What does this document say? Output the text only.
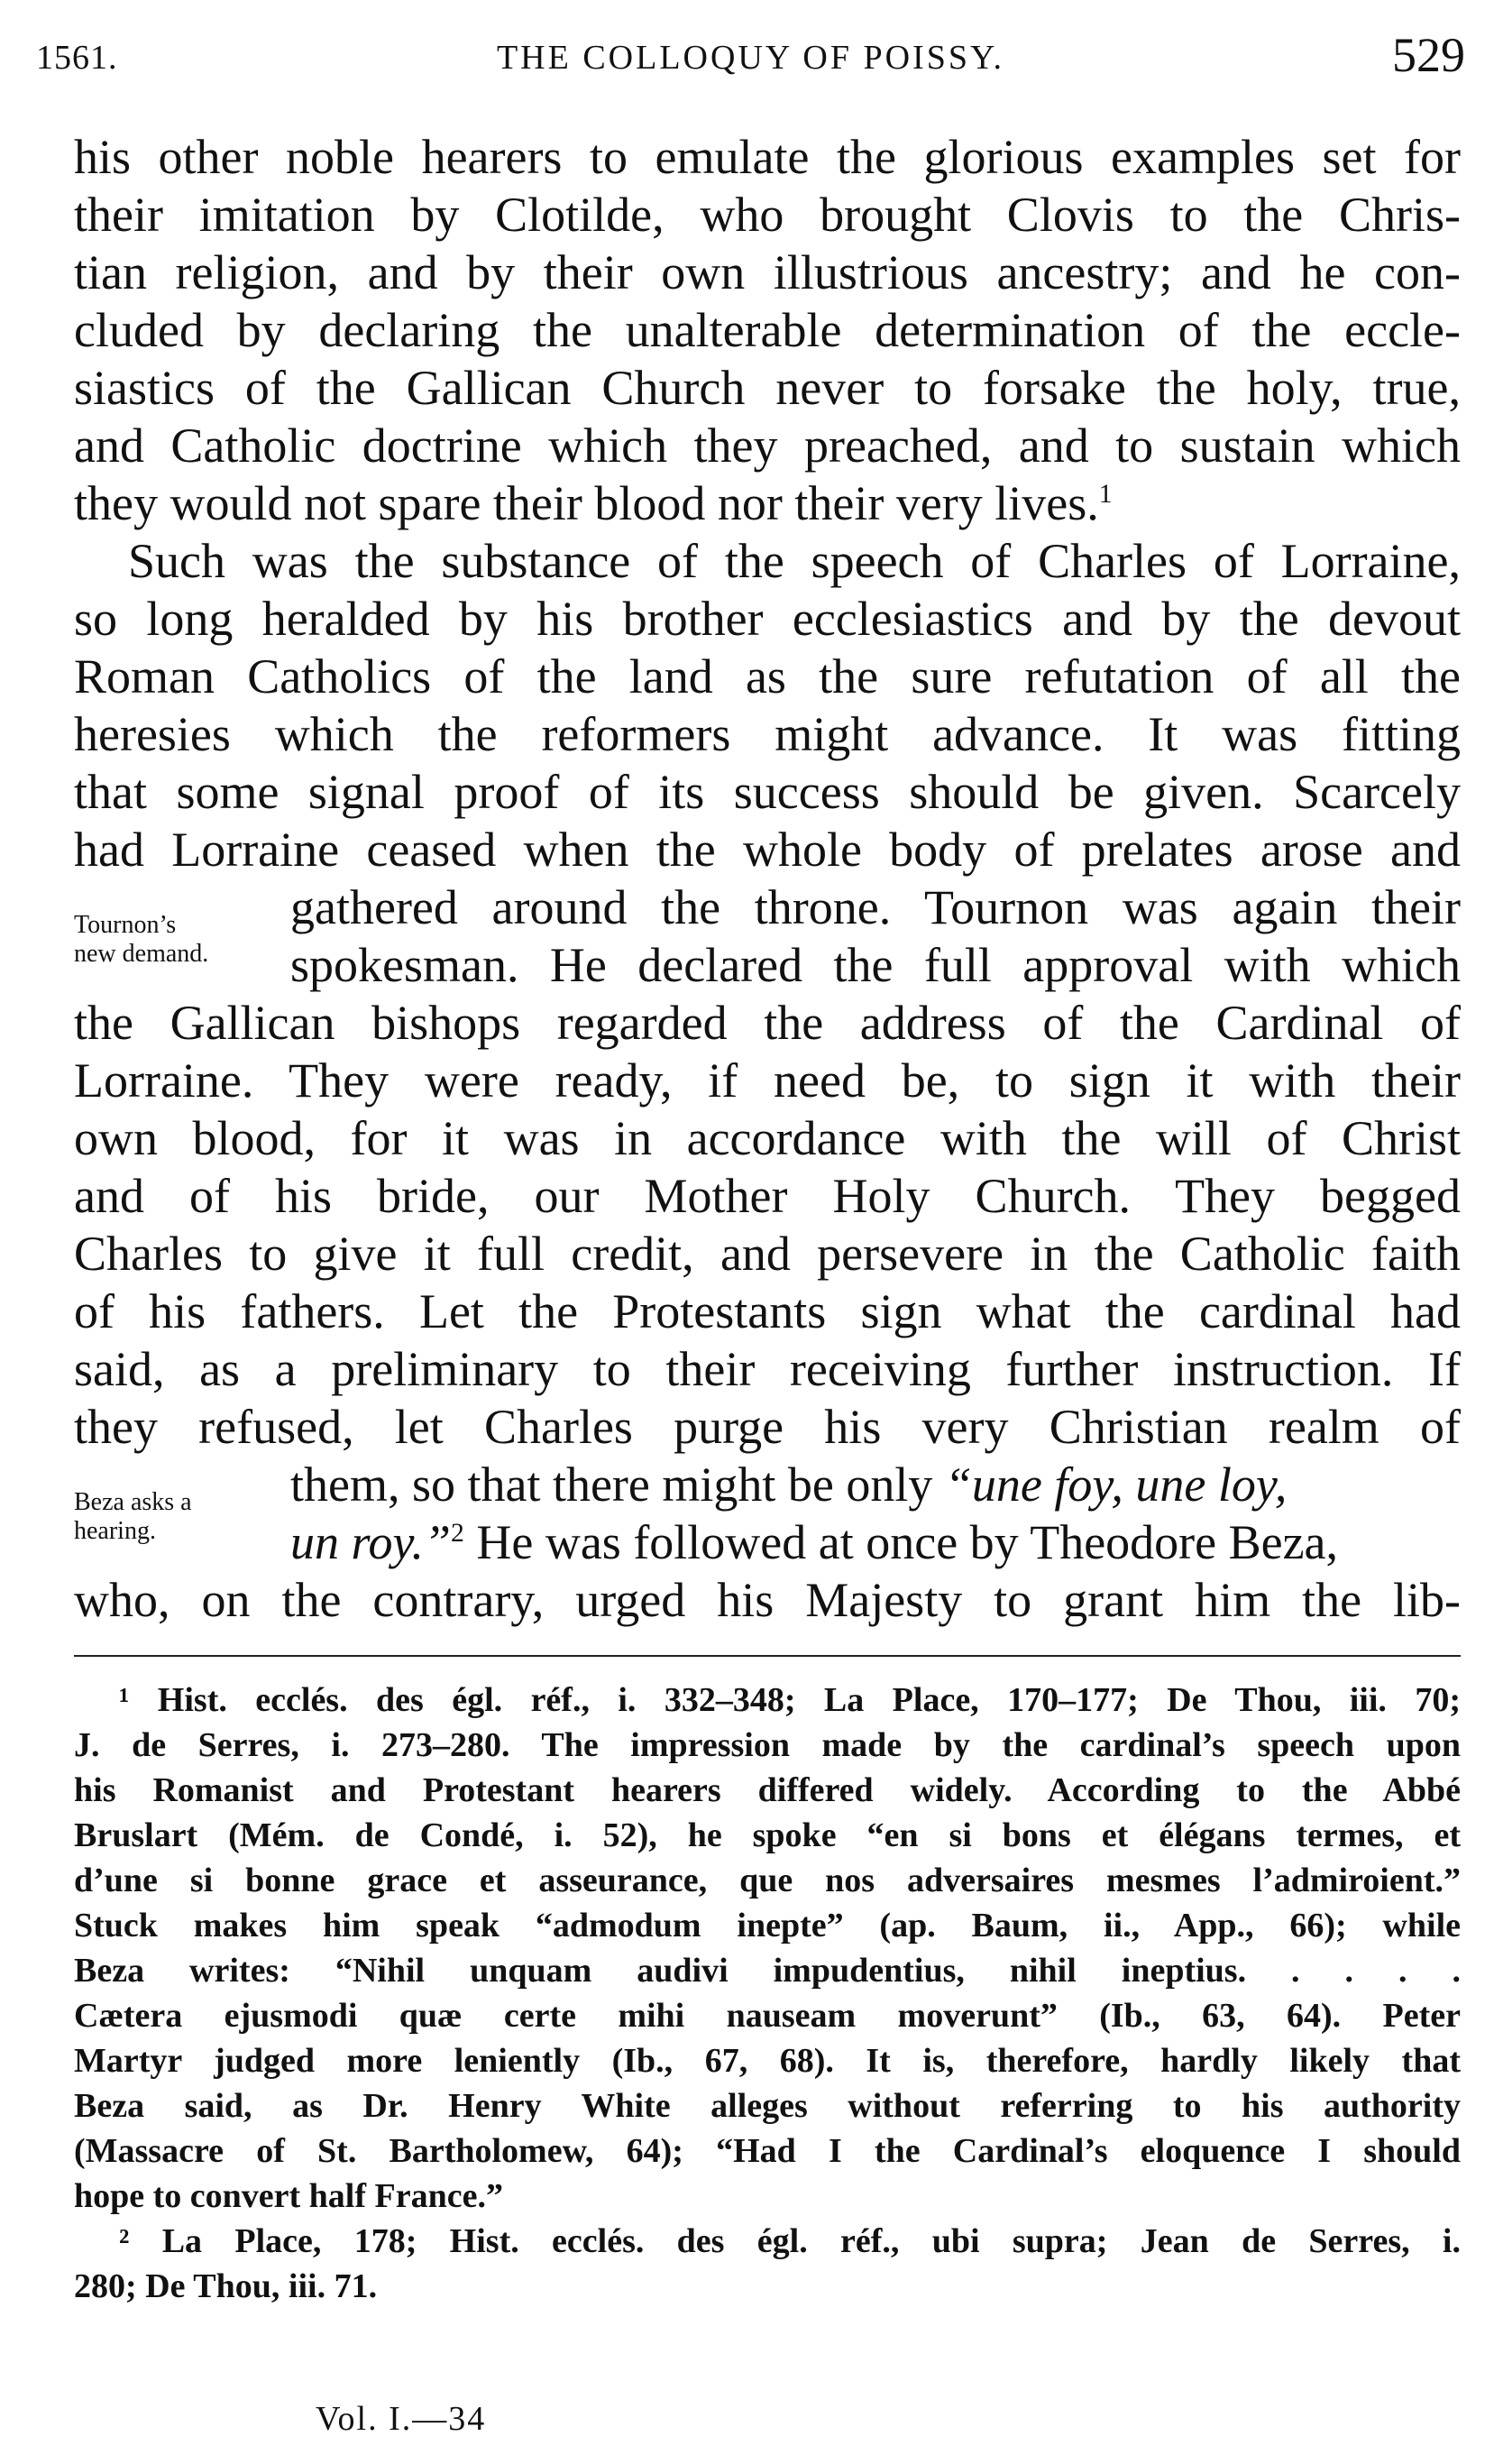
1561.	THE COLLOQUY OF POISSY.	529
his other noble hearers to emulate the glorious examples set for
their imitation by Clotilde, who brought Clovis to the Chris-
tian religion, and by their own illustrious ancestry; and he con-
cluded by declaring the unalterable determination of the eccle-
siastics of the Gallican Church never to forsake the holy, true,
and Catholic doctrine which they preached, and to sustain which
they would not spare their blood nor their very lives.$^1$
Such was the substance of the speech of Charles of Lorraine,
so long heralded by his brother ecclesiastics and by the devout
Roman Catholics of the land as the sure refutation of all the
heresies which the reformers might advance. It was fitting
that some signal proof of its success should be given. Scarcely
had Lorraine ceased when the whole body of prelates arose and
gathered around the throne. Tournon was again their
spokesman. He declared the full approval with which
the Gallican bishops regarded the address of the Cardinal of
Lorraine. They were ready, if need be, to sign it with their
own blood, for it was in accordance with the will of Christ
and of his bride, our Mother Holy Church. They begged
Charles to give it full credit, and persevere in the Catholic faith
of his fathers. Let the Protestants sign what the cardinal had
said, as a preliminary to their receiving further instruction. If
they refused, let Charles purge his very Christian realm of
them, so that there might be only “une foy, une loy,
un roy.”$^2$ He was followed at once by Theodore Beza,
who, on the contrary, urged his Majesty to grant him the lib-
Tournon’s
new demand.
Beza asks a
hearing.
¹ Hist. ecclés. des égl. réf., i. 332–348; La Place, 170–177; De Thou, iii. 70;
J. de Serres, i. 273–280. The impression made by the cardinal’s speech upon
his Romanist and Protestant hearers differed widely. According to the Abbé
Bruslart (Mém. de Condé, i. 52), he spoke “en si bons et élégans termes, et
d’une si bonne grace et asseurance, que nos adversaires mesmes l’admiroient.”
Stuck makes him speak “admodum inepte” (ap. Baum, ii., App., 66); while
Beza writes: “Nihil unquam audivi impudentius, nihil ineptius. . . . .
Cætera ejusmodi quæ certe mihi nauseam moverunt” (Ib., 63, 64). Peter
Martyr judged more leniently (Ib., 67, 68). It is, therefore, hardly likely that
Beza said, as Dr. Henry White alleges without referring to his authority
(Massacre of St. Bartholomew, 64); “Had I the Cardinal’s eloquence I should
hope to convert half France.”
² La Place, 178; Hist. ecclés. des égl. réf., ubi supra; Jean de Serres, i.
280; De Thou, iii. 71.
Vol. I.—34
